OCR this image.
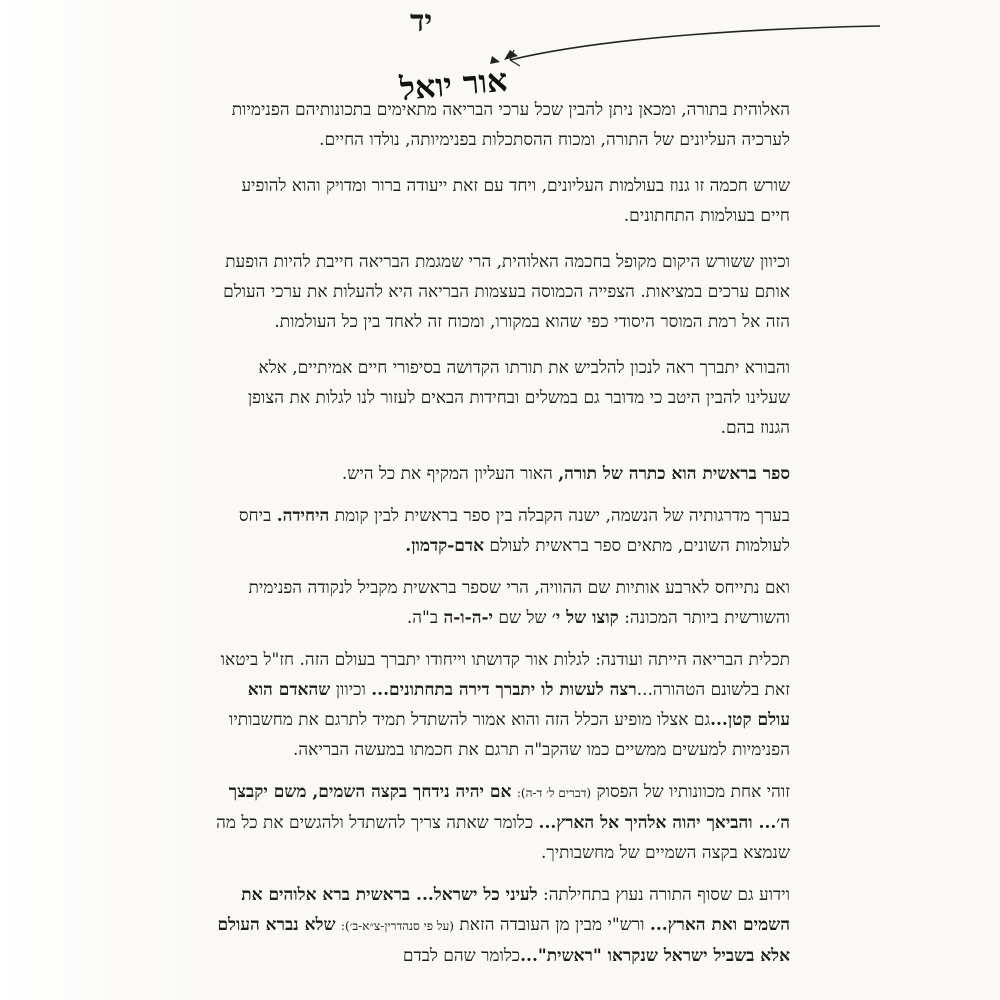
יד
אור יואל

האלוהית בתורה, ומכאן ניתן להבין שכל ערכי הבריאה מתאימים בתכונותיהם הפנימיות לערכיה העליונים של התורה, ומכוח ההסתכלות בפנימיותה, נולדו החיים.

שורש חכמה זו גנוז בעולמות העליונים, ויחד עם זאת ייעודה ברור ומדויק והוא להופיע חיים בעולמות התחתונים.

וכיוון ששורש היקום מקופל בחכמה האלוהית, הרי שמגמת הבריאה חייבת להיות הופעת אותם ערכים במציאות. הצפייה הכמוסה בעצמות הבריאה היא להעלות את ערכי העולם הזה אל רמת המוסר היסודי כפי שהוא במקורו, ומכוח זה לאחד בין כל העולמות.

והבורא יתברך ראה לנכון להלביש את תורתו הקדושה בסיפורי חיים אמיתיים, אלא שעלינו להבין היטב כי מדובר גם במשלים ובחידות הבאים לעזור לנו לגלות את הצופן הגנוז בהם.

ספר בראשית הוא כתרה של תורה, האור העליון המקיף את כל היש.

בערך מדרגותיה של הנשמה, ישנה הקבלה בין ספר בראשית לבין קומת היחידה. ביחס לעולמות השונים, מתאים ספר בראשית לעולם אדם-קדמון.

ואם נתייחס לארבע אותיות שם ההוויה, הרי שספר בראשית מקביל לנקודה הפנימית והשורשית ביותר המכונה: קוצו של י׳ של שם י-ה-ו-ה ב"ה.

תכלית הבריאה הייתה ועודנה: לגלות אור קדושתו וייחודו יתברך בעולם הזה. חז"ל ביטאו זאת בלשונם הטהורה...רצה לעשות לו יתברך דירה בתחתונים... וכיוון שהאדם הוא עולם קטן...גם אצלו מופיע הכלל הזה והוא אמור להשתדל תמיד לתרגם את מחשבותיו הפנימיות למעשים ממשיים כמו שהקב"ה תרגם את חכמתו במעשה הבריאה.

זוהי אחת מכוונותיו של הפסוק (דברים ל׳ ד-ה): אם יהיה נידחך בקצה השמים, משם יקבצך ה׳... והביאך יהוה אלהיך אל הארץ... כלומר שאתה צריך להשתדל ולהגשים את כל מה שנמצא בקצה השמיים של מחשבותיך.

וידוע גם שסוף התורה נעוץ בתחילתה: לעיני כל ישראל... בראשית ברא אלוהים את השמים ואת הארץ... ורש"י מבין מן העובדה הזאת (על פי סנהדרין-צ״א-ב׳): שלא נברא העולם אלא בשביל ישראל שנקראו "ראשית"...כלומר שהם לבדם
